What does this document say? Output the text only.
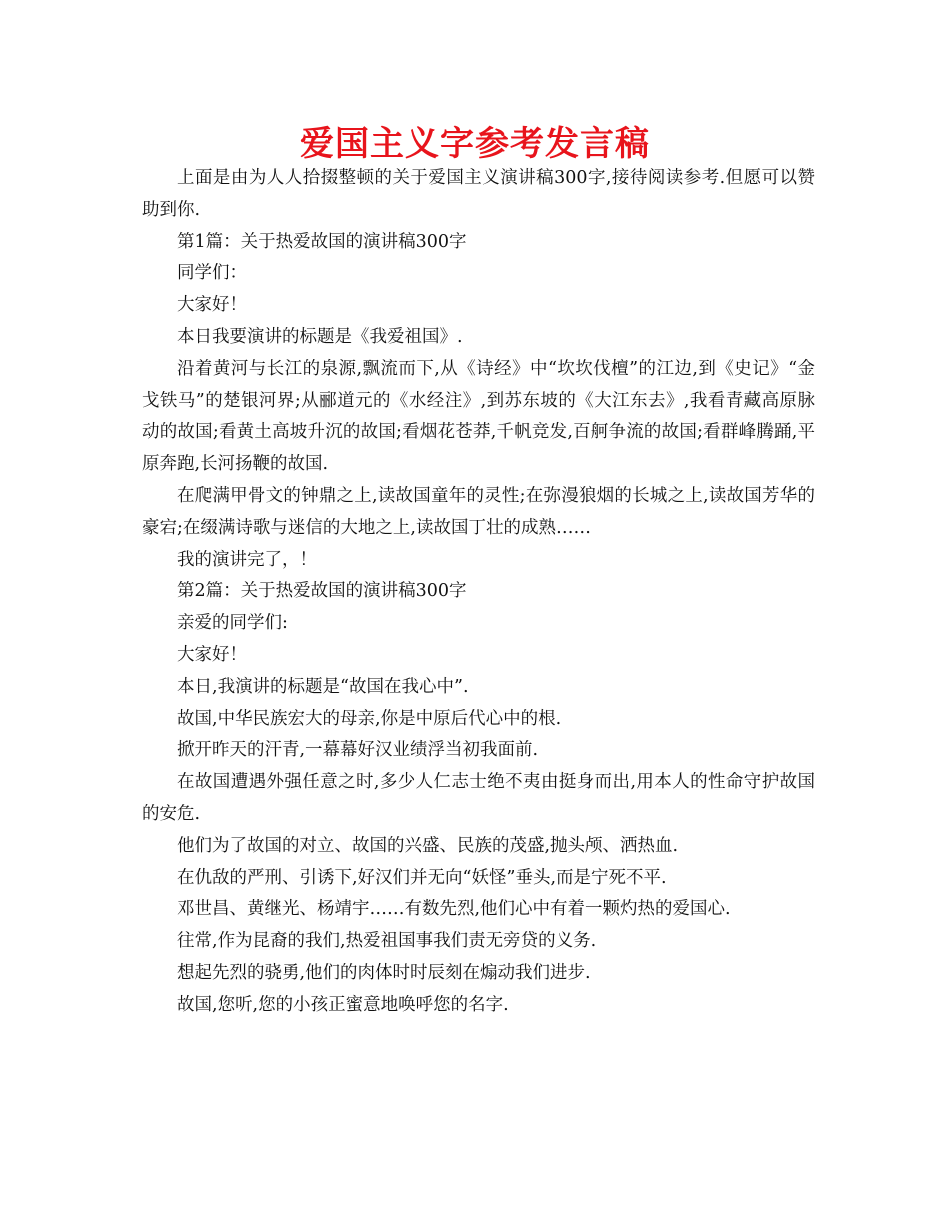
爱国主义字参考发言稿

上面是由为人人拾掇整顿的关于爱国主义演讲稿300字,接待阅读参考.但愿可以赞助到你.

第1篇：关于热爱故国的演讲稿300字

同学们：

大家好！

本日我要演讲的标题是《我爱祖国》.

沿着黄河与长江的泉源,飘流而下,从《诗经》中“坎坎伐檀”的江边,到《史记》“金戈铁马”的楚银河界;从郦道元的《水经注》,到苏东坡的《大江东去》,我看青藏高原脉动的故国;看黄土高坡升沉的故国;看烟花苍莽,千帆竞发,百舸争流的故国;看群峰腾踊,平原奔跑,长河扬鞭的故国.

在爬满甲骨文的钟鼎之上,读故国童年的灵性;在弥漫狼烟的长城之上,读故国芳华的豪宕;在缀满诗歌与迷信的大地之上,读故国丁壮的成熟……

我的演讲完了，！

第2篇：关于热爱故国的演讲稿300字

亲爱的同学们:

大家好！

本日,我演讲的标题是“故国在我心中”.

故国,中华民族宏大的母亲,你是中原后代心中的根.

掀开昨天的汗青,一幕幕好汉业绩浮当初我面前.

在故国遭遇外强任意之时,多少人仁志士绝不夷由挺身而出,用本人的性命守护故国的安危.

他们为了故国的对立、故国的兴盛、民族的茂盛,抛头颅、洒热血.

在仇敌的严刑、引诱下,好汉们并无向“妖怪”垂头,而是宁死不平.

邓世昌、黄继光、杨靖宇……有数先烈,他们心中有着一颗灼热的爱国心.

往常,作为昆裔的我们,热爱祖国事我们责无旁贷的义务.

想起先烈的骁勇,他们的肉体时时辰刻在煽动我们进步.

故国,您听,您的小孩正蜜意地唤呼您的名字.
